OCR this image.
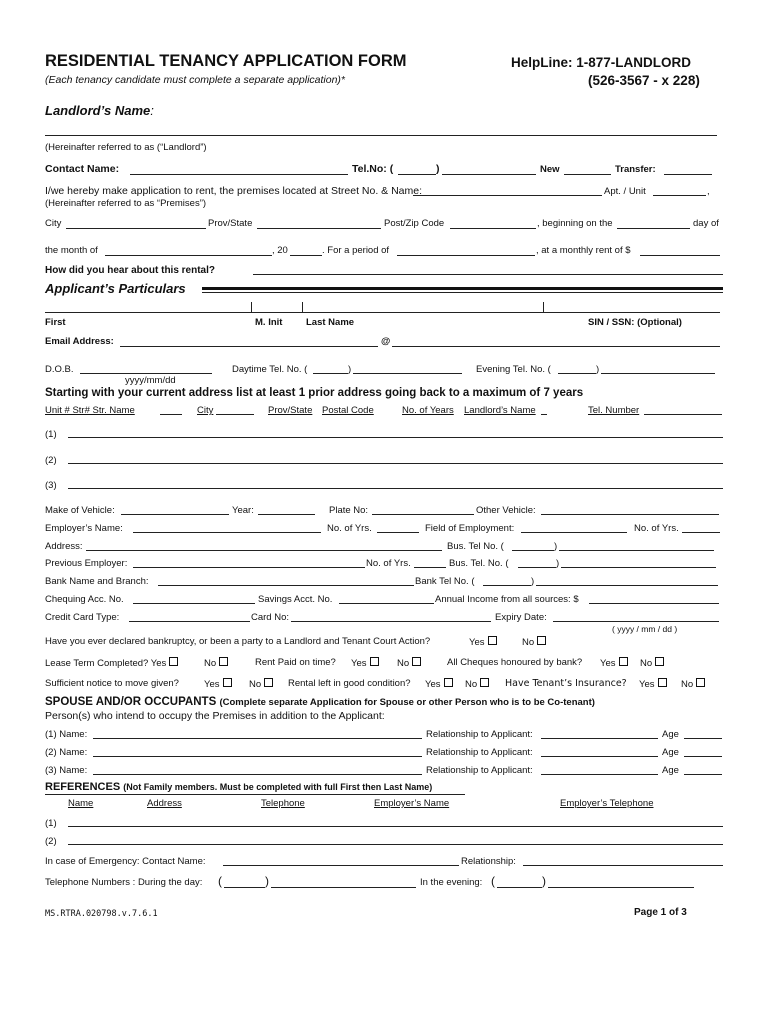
RESIDENTIAL TENANCY APPLICATION FORM
(Each tenancy candidate must complete a separate application)*
HelpLine: 1-877-LANDLORD
(526-3567 - x 228)
Landlord’s Name:
(Hereinafter referred to as (“Landlord”)
Contact Name:	Tel.No: (	)	New	Transfer:
I/we hereby make application to rent, the premises located at Street No. & Name:	Apt. / Unit	,
(Hereinafter referred to as “Premises”)
City	Prov/State	Post/Zip Code	, beginning on the	day of
the month of	, 20	. For a period of	, at a monthly rent of $
How did you hear about this rental?
Applicant’s Particulars
First	M. Init Last Name	SIN / SSN: (Optional)
Email Address:	@
D.O.B.
yyyy/mm/dd
Daytime Tel. No. (	)	Evening Tel. No. (	)
Starting with your current address list at least 1 prior address going back to a maximum of 7 years
Unit # Str# Str. Name	City	Prov/State Postal Code	No. of Years Landlord’s Name	Tel. Number
(1)
(2)
(3)
Make of Vehicle:	Year:	Plate No:	Other Vehicle:
Employer’s Name:	No. of Yrs.	Field of Employment:	No. of Yrs.
Address:	Bus. Tel No. (	)
Previous Employer:	No. of Yrs.	Bus. Tel. No. (	)
Bank Name and Branch:	Bank Tel No. (	)
Chequing Acc. No.	Savings Acct. No.	Annual Income from all sources: $
Credit Card Type:	Card No:	Expiry Date:
( yyyy / mm / dd )
Have you ever declared bankruptcy, or been a party to a Landlord and Tenant Court Action?	Yes	No
Lease Term Completed? Yes	No	Rent Paid on time? Yes	No	All Cheques honoured by bank? Yes	No
Sufficient notice to move given?	Yes	No	Rental left in good condition? Yes	No	Have Tenant’s Insurance? Yes	No
SPOUSE AND/OR OCCUPANTS (Complete separate Application for Spouse or other Person who is to be Co-tenant)
Person(s) who intend to occupy the Premises in addition to the Applicant:
(1) Name:	Relationship to Applicant:	Age
(2) Name:	Relationship to Applicant:	Age
(3) Name:	Relationship to Applicant:	Age
REFERENCES (Not Family members. Must be completed with full First then Last Name)
Name	Address	Telephone	Employer’s Name	Employer’s Telephone
(1)
(2)
In case of Emergency: Contact Name:	Relationship:
Telephone Numbers : During the day: (	)	In the evening: (	)
MS.RTRA.020798.v.7.6.1	Page 1 of 3
